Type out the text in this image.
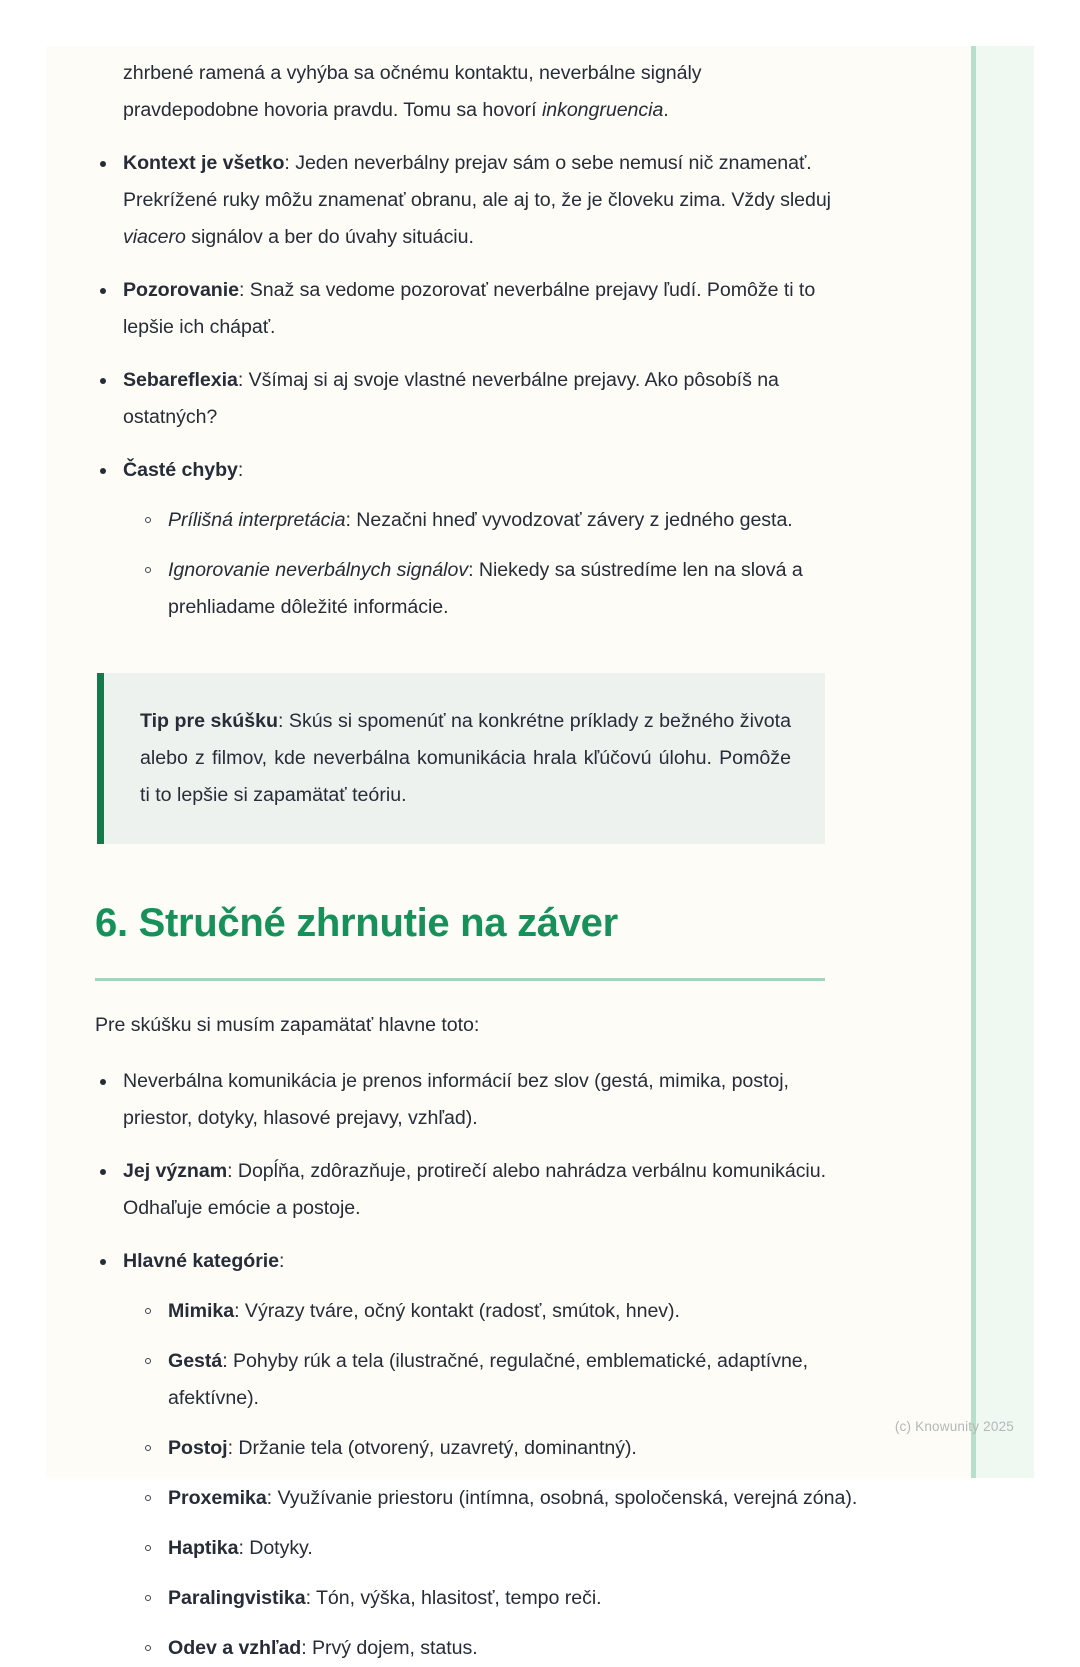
zhrbené ramená a vyhýba sa očnému kontaktu, neverbálne signály pravdepodobne hovoria pravdu. Tomu sa hovorí inkongruencia.

Kontext je všetko: Jeden neverbálny prejav sám o sebe nemusí nič znamenať. Prekrížené ruky môžu znamenať obranu, ale aj to, že je človeku zima. Vždy sleduj viacero signálov a ber do úvahy situáciu.
Pozorovanie: Snaž sa vedome pozorovať neverbálne prejavy ľudí. Pomôže ti to lepšie ich chápať.
Sebareflexia: Všímaj si aj svoje vlastné neverbálne prejavy. Ako pôsobíš na ostatných?
Časté chyby:
Prílišná interpretácia: Nezačni hneď vyvodzovať závery z jedného gesta.
Ignorovanie neverbálnych signálov: Niekedy sa sústredíme len na slová a prehliadame dôležité informácie.

Tip pre skúšku: Skús si spomenúť na konkrétne príklady z bežného života alebo z filmov, kde neverbálna komunikácia hrala kľúčovú úlohu. Pomôže ti to lepšie si zapamätať teóriu.

6. Stručné zhrnutie na záver

Pre skúšku si musím zapamätať hlavne toto:

Neverbálna komunikácia je prenos informácií bez slov (gestá, mimika, postoj, priestor, dotyky, hlasové prejavy, vzhľad).
Jej význam: Dopĺňa, zdôrazňuje, protirečí alebo nahrádza verbálnu komunikáciu. Odhaľuje emócie a postoje.
Hlavné kategórie:
Mimika: Výrazy tváre, očný kontakt (radosť, smútok, hnev).
Gestá: Pohyby rúk a tela (ilustračné, regulačné, emblematické, adaptívne, afektívne).
Postoj: Držanie tela (otvorený, uzavretý, dominantný).
Proxemika: Využívanie priestoru (intímna, osobná, spoločenská, verejná zóna).
Haptika: Dotyky.
Paralingvistika: Tón, výška, hlasitosť, tempo reči.
Odev a vzhľad: Prvý dojem, status.
(c) Knowunity 2025
